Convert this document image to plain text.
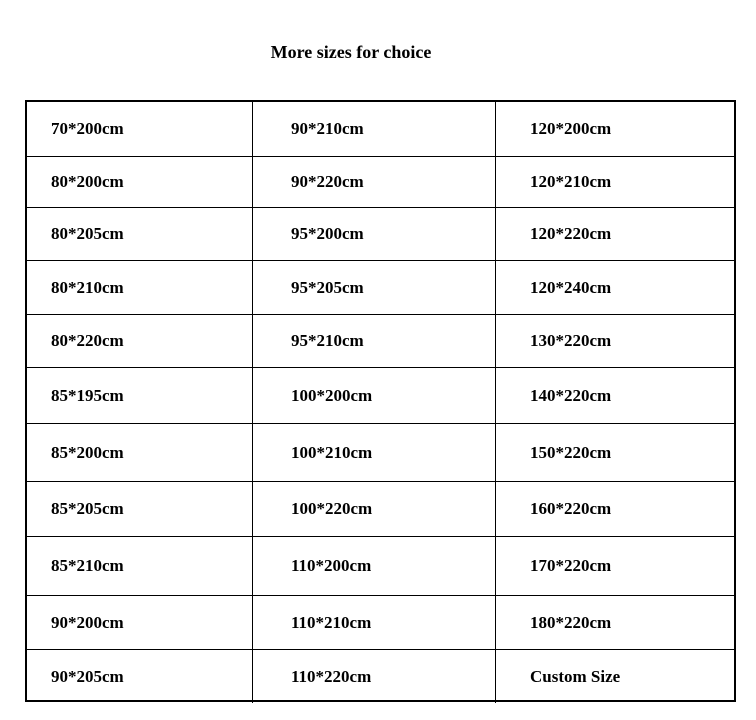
More sizes for choice
70*200cm	90*210cm	120*200cm
80*200cm	90*220cm	120*210cm
80*205cm	95*200cm	120*220cm
80*210cm	95*205cm	120*240cm
80*220cm	95*210cm	130*220cm
85*195cm	100*200cm	140*220cm
85*200cm	100*210cm	150*220cm
85*205cm	100*220cm	160*220cm
85*210cm	110*200cm	170*220cm
90*200cm	110*210cm	180*220cm
90*205cm	110*220cm	Custom Size
